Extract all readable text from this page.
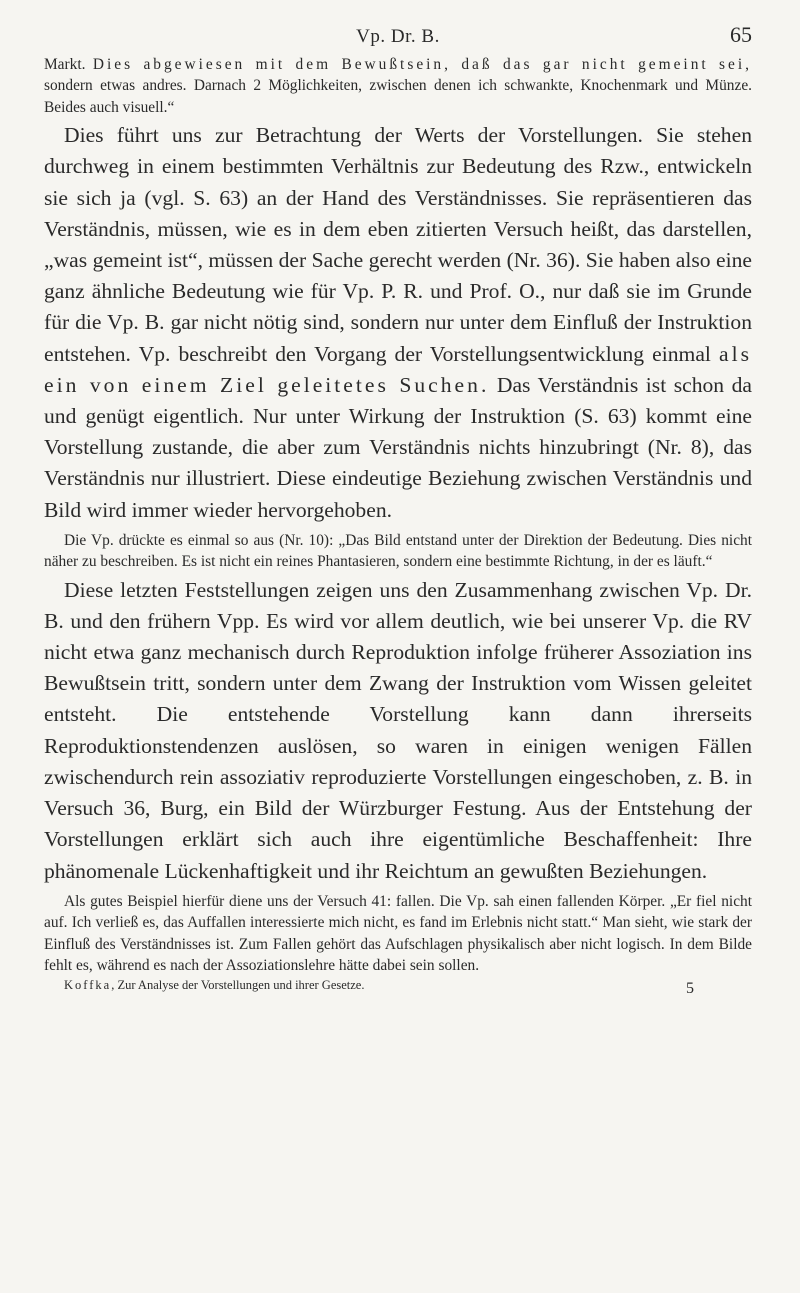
Vp. Dr. B.	65

Markt. Dies abgewiesen mit dem Bewußtsein, daß das gar nicht gemeint sei, sondern etwas andres. Darnach 2 Möglichkeiten, zwischen denen ich schwankte, Knochenmark und Münze. Beides auch visuell.“

Dies führt uns zur Betrachtung der Werts der Vorstellungen. Sie stehen durchweg in einem bestimmten Verhältnis zur Bedeutung des Rzw., entwickeln sie sich ja (vgl. S. 63) an der Hand des Verständnisses. Sie repräsentieren das Verständnis, müssen, wie es in dem eben zitierten Versuch heißt, das darstellen, „was gemeint ist“, müssen der Sache gerecht werden (Nr. 36). Sie haben also eine ganz ähnliche Bedeutung wie für Vp. P. R. und Prof. O., nur daß sie im Grunde für die Vp. B. gar nicht nötig sind, sondern nur unter dem Einfluß der Instruktion entstehen. Vp. beschreibt den Vorgang der Vorstellungsentwicklung einmal als ein von einem Ziel geleitetes Suchen. Das Verständnis ist schon da und genügt eigentlich. Nur unter Wirkung der Instruktion (S. 63) kommt eine Vorstellung zustande, die aber zum Verständnis nichts hinzubringt (Nr. 8), das Verständnis nur illustriert. Diese eindeutige Beziehung zwischen Verständnis und Bild wird immer wieder hervorgehoben.

Die Vp. drückte es einmal so aus (Nr. 10): „Das Bild entstand unter der Direktion der Bedeutung. Dies nicht näher zu beschreiben. Es ist nicht ein reines Phantasieren, sondern eine bestimmte Richtung, in der es läuft.“

Diese letzten Feststellungen zeigen uns den Zusammenhang zwischen Vp. Dr. B. und den frühern Vpp. Es wird vor allem deutlich, wie bei unserer Vp. die RV nicht etwa ganz mechanisch durch Reproduktion infolge früherer Assoziation ins Bewußtsein tritt, sondern unter dem Zwang der Instruktion vom Wissen geleitet entsteht. Die entstehende Vorstellung kann dann ihrerseits Reproduktionstendenzen auslösen, so waren in einigen wenigen Fällen zwischendurch rein assoziativ reproduzierte Vorstellungen eingeschoben, z. B. in Versuch 36, Burg, ein Bild der Würzburger Festung. Aus der Entstehung der Vorstellungen erklärt sich auch ihre eigentümliche Beschaffenheit: Ihre phänomenale Lückenhaftigkeit und ihr Reichtum an gewußten Beziehungen.

Als gutes Beispiel hierfür diene uns der Versuch 41: fallen. Die Vp. sah einen fallenden Körper. „Er fiel nicht auf. Ich verließ es, das Auffallen interessierte mich nicht, es fand im Erlebnis nicht statt.“ Man sieht, wie stark der Einfluß des Verständnisses ist. Zum Fallen gehört das Aufschlagen physikalisch aber nicht logisch. In dem Bilde fehlt es, während es nach der Assoziationslehre hätte dabei sein sollen.

Koffka, Zur Analyse der Vorstellungen und ihrer Gesetze.	5
